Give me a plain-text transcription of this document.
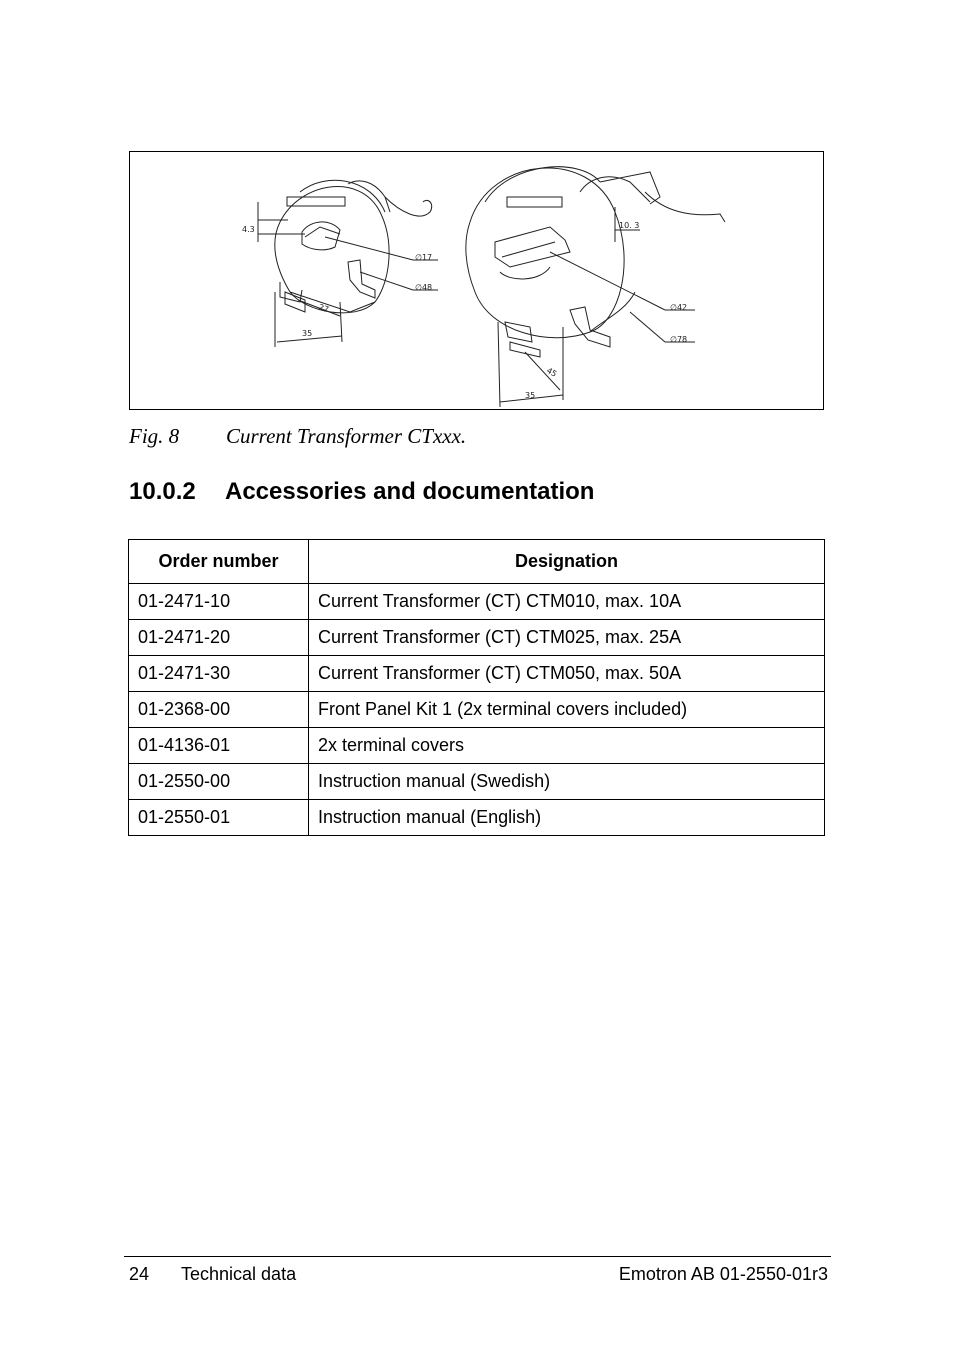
4.3
∅17
∅48
27
35
10. 3
∅42
∅78
45
35
Fig. 8 Current Transformer CTxxx.
10.0.2 Accessories and documentation
Order number	Designation
01-2471-10	Current Transformer (CT) CTM010, max. 10A
01-2471-20	Current Transformer (CT) CTM025, max. 25A
01-2471-30	Current Transformer (CT) CTM050, max. 50A
01-2368-00	Front Panel Kit 1 (2x terminal covers included)
01-4136-01	2x terminal covers
01-2550-00	Instruction manual (Swedish)
01-2550-01	Instruction manual (English)
24 Technical data	Emotron AB 01-2550-01r3
